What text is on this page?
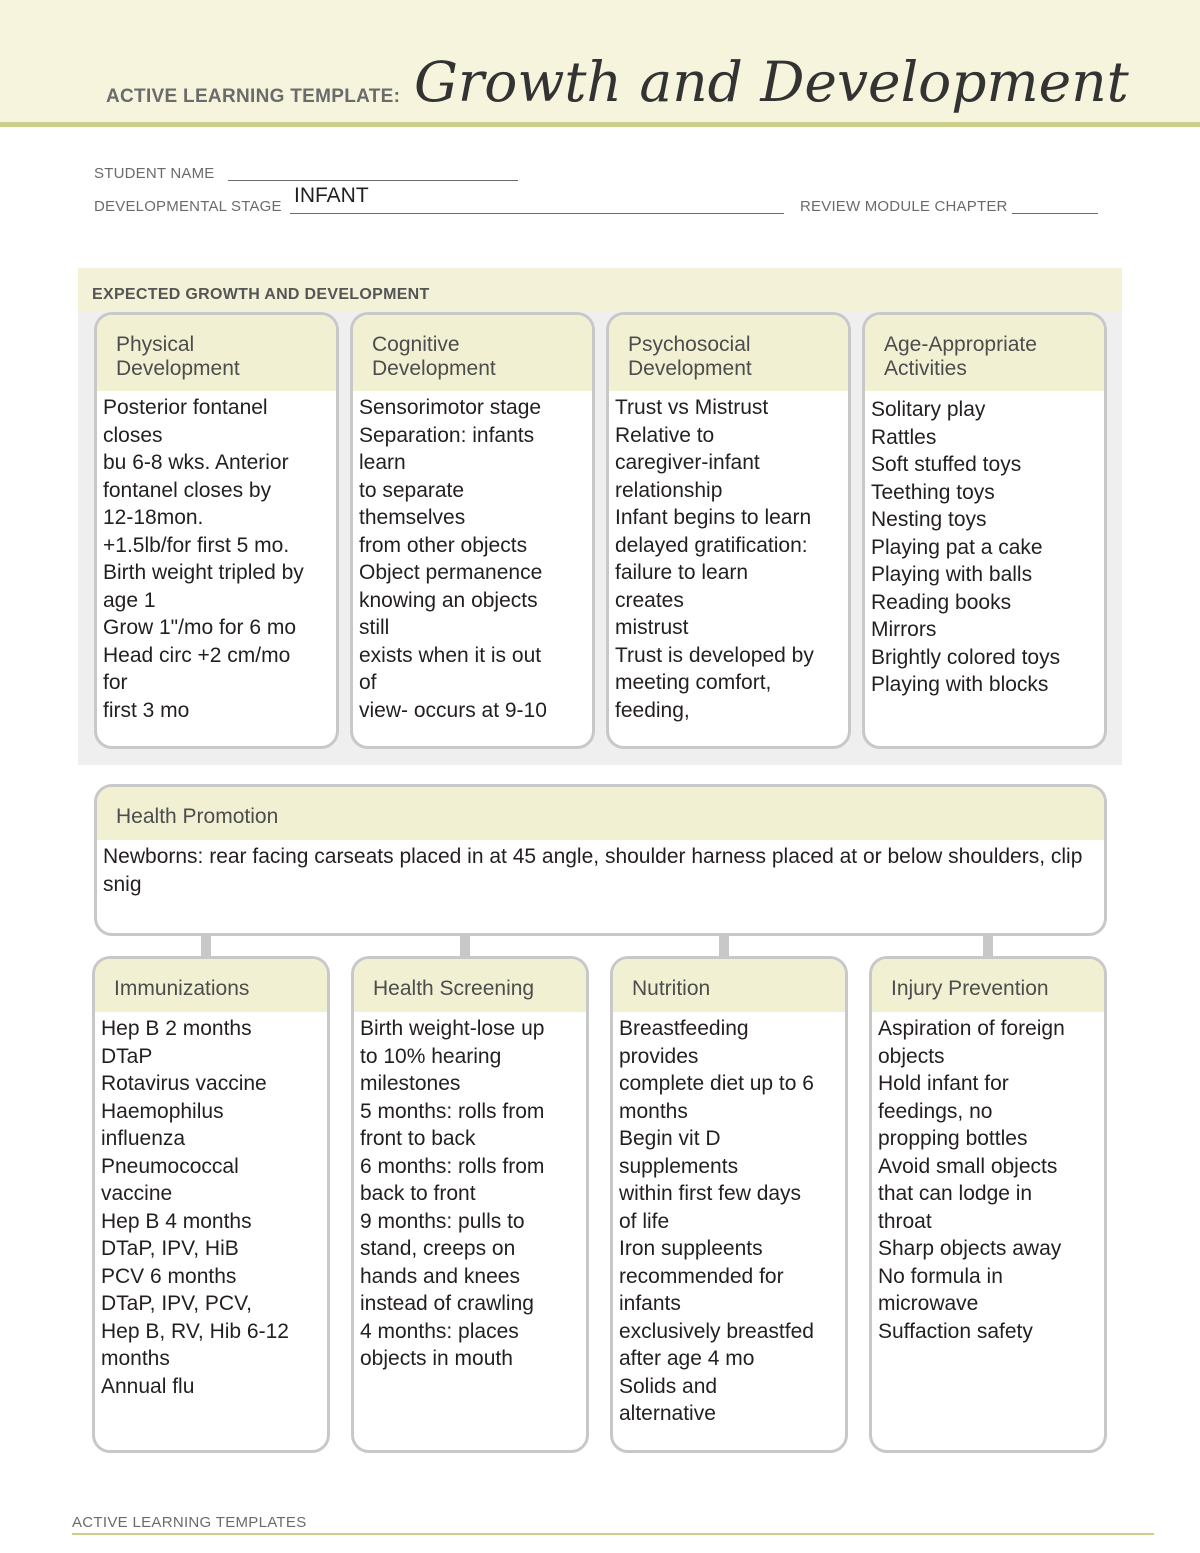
ACTIVE LEARNING TEMPLATE: Growth and Development
STUDENT NAME
DEVELOPMENTAL STAGE INFANT	REVIEW MODULE CHAPTER
EXPECTED GROWTH AND DEVELOPMENT
Physical
Development
Posterior fontanel
closes
bu 6-8 wks. Anterior
fontanel closes by
12-18mon.
+1.5lb/for first 5 mo.
Birth weight tripled by
age 1
Grow 1"/mo for 6 mo
Head circ +2 cm/mo
for
first 3 mo
Cognitive
Development
Sensorimotor stage
Separation: infants
learn
to separate
themselves
from other objects
Object permanence
knowing an objects
still
exists when it is out
of
view- occurs at 9-10
Psychosocial
Development
Trust vs Mistrust
Relative to
caregiver-infant
relationship
Infant begins to learn
delayed gratification:
failure to learn
creates
mistrust
Trust is developed by
meeting comfort,
feeding,
Age-Appropriate
Activities
Solitary play
Rattles
Soft stuffed toys
Teething toys
Nesting toys
Playing pat a cake
Playing with balls
Reading books
Mirrors
Brightly colored toys
Playing with blocks
Health Promotion
Newborns: rear facing carseats placed in at 45 angle, shoulder harness placed at or below shoulders, clip snig
Immunizations
Hep B 2 months
DTaP
Rotavirus vaccine
Haemophilus
influenza
Pneumococcal
vaccine
Hep B 4 months
DTaP, IPV, HiB
PCV 6 months
DTaP, IPV, PCV,
Hep B, RV, Hib 6-12
months
Annual flu
Health Screening
Birth weight-lose up
to 10% hearing
milestones
5 months: rolls from
front to back
6 months: rolls from
back to front
9 months: pulls to
stand, creeps on
hands and knees
instead of crawling
4 months: places
objects in mouth
Nutrition
Breastfeeding
provides
complete diet up to 6
months
Begin vit D
supplements
within first few days
of life
Iron suppleents
recommended for
infants
exclusively breastfed
after age 4 mo
Solids and
alternative
Injury Prevention
Aspiration of foreign
objects
Hold infant for
feedings, no
propping bottles
Avoid small objects
that can lodge in
throat
Sharp objects away
No formula in
microwave
Suffaction safety
ACTIVE LEARNING TEMPLATES
